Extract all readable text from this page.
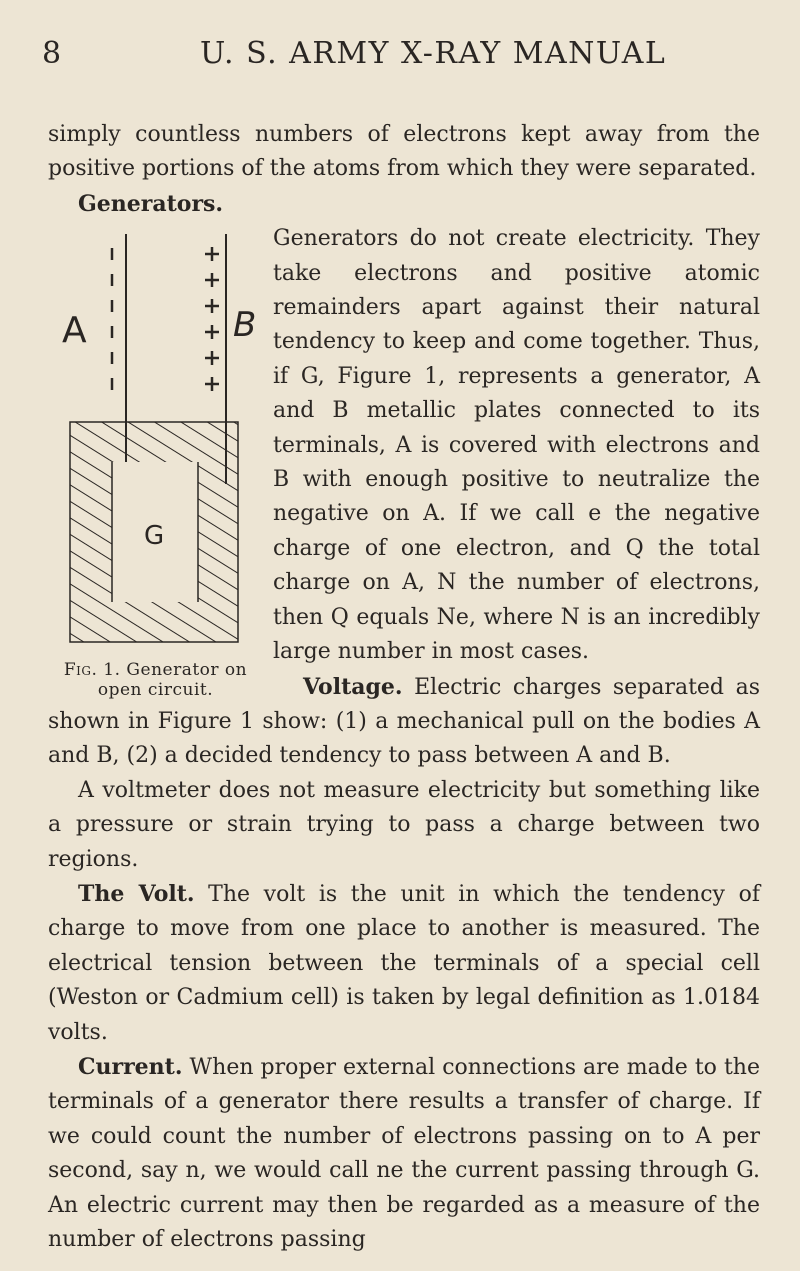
8	U. S. ARMY X-RAY MANUAL

simply countless numbers of electrons kept away from the positive portions of the atoms from which they were separated.

Generators.

A	B
G
Fig. 1. Generator on open circuit.

Generators do not create electricity. They take electrons and positive atomic remainders apart against their natural tendency to keep and come together. Thus, if G, Figure 1, represents a generator, A and B metallic plates connected to its terminals, A is covered with electrons and B with enough positive to neutralize the negative on A. If we call e the negative charge of one electron, and Q the total charge on A, N the number of electrons, then Q equals Ne, where N is an incredibly large number in most cases.

Voltage. Electric charges separated as shown in Figure 1 show: (1) a mechanical pull on the bodies A and B, (2) a decided tendency to pass between A and B.

A voltmeter does not measure electricity but something like a pressure or strain trying to pass a charge between two regions.

The Volt. The volt is the unit in which the tendency of charge to move from one place to another is measured. The electrical tension between the terminals of a special cell (Weston or Cadmium cell) is taken by legal definition as 1.0184 volts.

Current. When proper external connections are made to the terminals of a generator there results a transfer of charge. If we could count the number of electrons passing on to A per second, say n, we would call ne the current passing through G. An electric current may then be regarded as a measure of the number of electrons passing
